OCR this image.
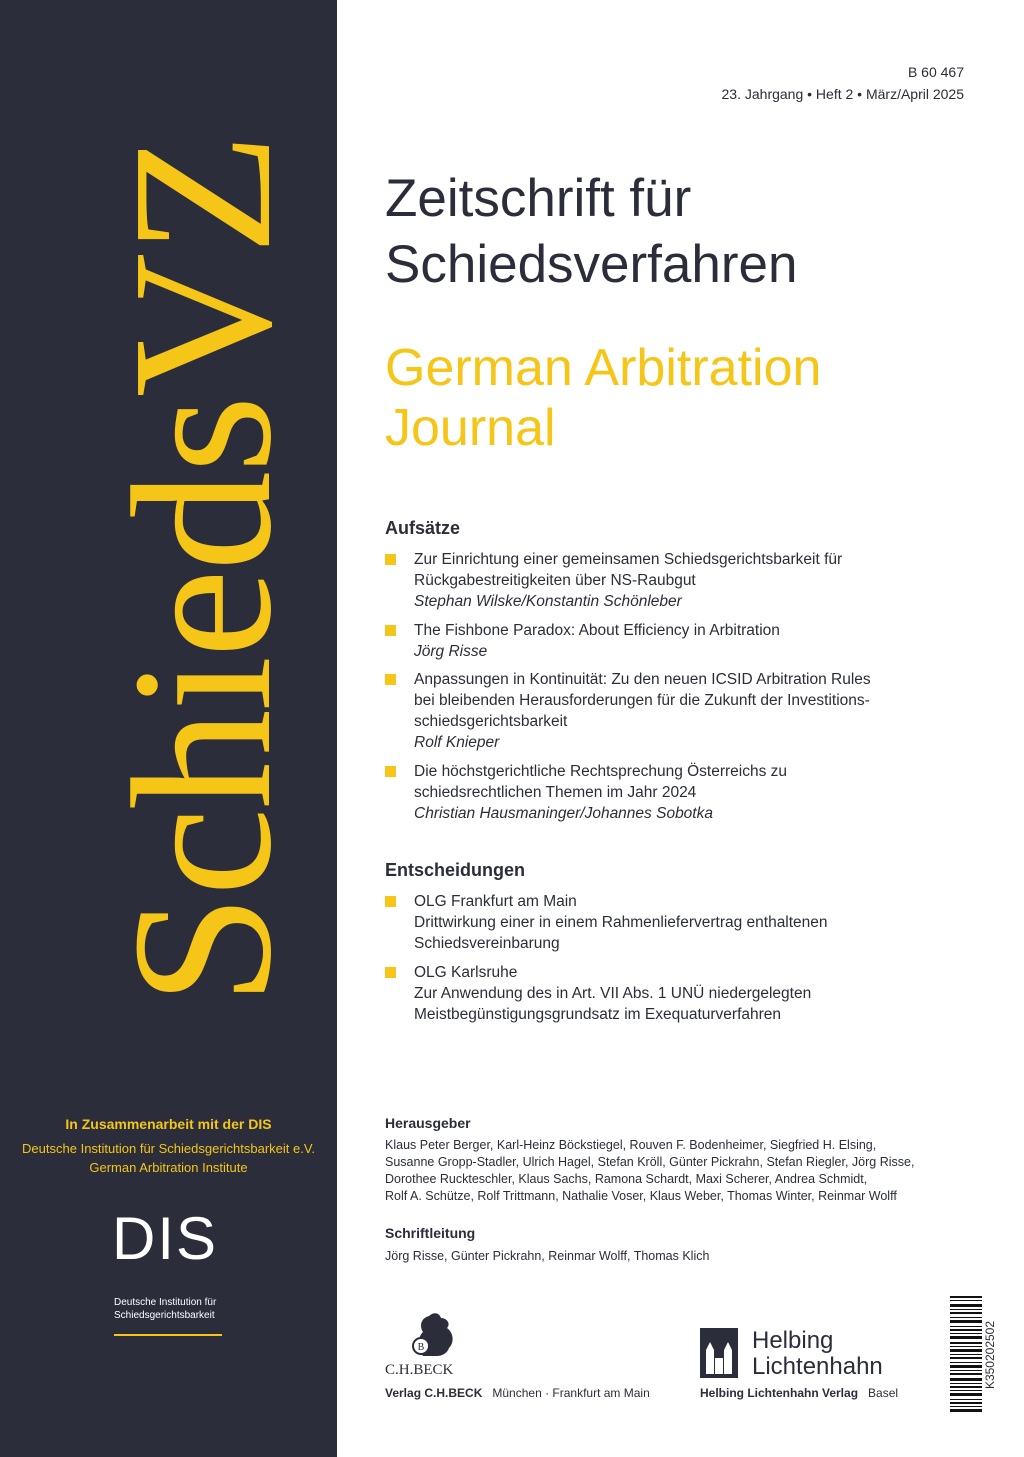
SchiedsVZ
In Zusammenarbeit mit der DIS
Deutsche Institution für Schiedsgerichtsbarkeit e.V.
German Arbitration Institute
DIS
Deutsche Institution für
Schiedsgerichtsbarkeit
B 60 467
23. Jahrgang • Heft 2 • März/April 2025
Zeitschrift für
Schiedsverfahren
German Arbitration
Journal
Aufsätze
Zur Einrichtung einer gemeinsamen Schiedsgerichtsbarkeit für
Rückgabestreitigkeiten über NS-Raubgut
Stephan Wilske/Konstantin Schönleber
The Fishbone Paradox: About Efficiency in Arbitration
Jörg Risse
Anpassungen in Kontinuität: Zu den neuen ICSID Arbitration Rules
bei bleibenden Herausforderungen für die Zukunft der Investitions-
schiedsgerichtsbarkeit
Rolf Knieper
Die höchstgerichtliche Rechtsprechung Österreichs zu
schiedsrechtlichen Themen im Jahr 2024
Christian Hausmaninger/Johannes Sobotka
Entscheidungen
OLG Frankfurt am Main
Drittwirkung einer in einem Rahmenliefervertrag enthaltenen
Schiedsvereinbarung
OLG Karlsruhe
Zur Anwendung des in Art. VII Abs. 1 UNÜ niedergelegten
Meistbegünstigungsgrundsatz im Exequaturverfahren
Herausgeber
Klaus Peter Berger, Karl-Heinz Böckstiegel, Rouven F. Bodenheimer, Siegfried H. Elsing,
Susanne Gropp-Stadler, Ulrich Hagel, Stefan Kröll, Günter Pickrahn, Stefan Riegler, Jörg Risse,
Dorothee Ruckteschler, Klaus Sachs, Ramona Schardt, Maxi Scherer, Andrea Schmidt,
Rolf A. Schütze, Rolf Trittmann, Nathalie Voser, Klaus Weber, Thomas Winter, Reinmar Wolff
Schriftleitung
Jörg Risse, Günter Pickrahn, Reinmar Wolff, Thomas Klich
B
C.H.BECK
Verlag C.H.BECK München · Frankfurt am Main
Helbing
Lichtenhahn
Helbing Lichtenhahn Verlag Basel
K350202502
